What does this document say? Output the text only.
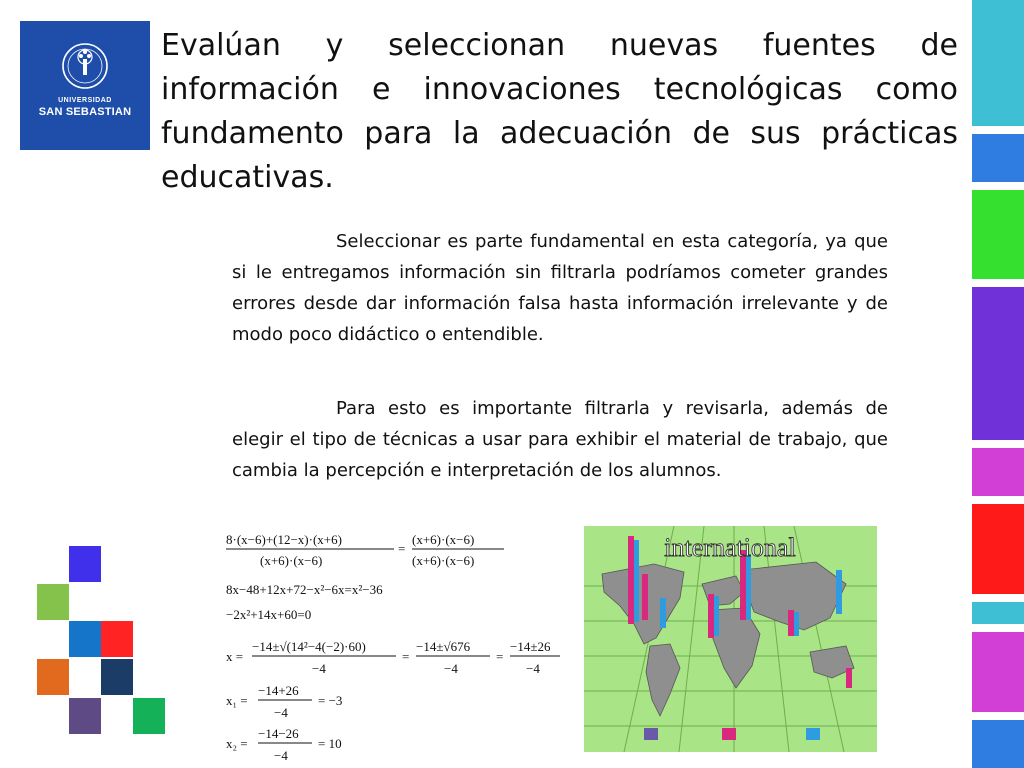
UNIVERSIDAD
SAN SEBASTIAN
Evalúan y seleccionan nuevas fuentes de información e innovaciones tecnológicas como fundamento para la adecuación de sus prácticas educativas.
Seleccionar es parte fundamental en esta categoría, ya que si le entregamos información sin filtrarla podríamos cometer grandes errores desde dar información falsa hasta información irrelevante y de modo poco didáctico o entendible.
Para esto es importante filtrarla y revisarla, además de elegir el tipo de técnicas a usar para exhibir el material de trabajo, que cambia la percepción e interpretación de los alumnos.
8·(x−6)+(12−x)·(x+6)
(x+6)·(x−6)
=
(x+6)·(x−6)
(x+6)·(x−6)
8x−48+12x+72−x²−6x=x²−36
−2x²+14x+60=0
x =
−14±√(14²−4(−2)·60)
−4
=
−14±√676
−4
=
−14±26
−4
x₁ =
−14+26
−4
= −3
x₂ =
−14−26
−4
= 10
international
